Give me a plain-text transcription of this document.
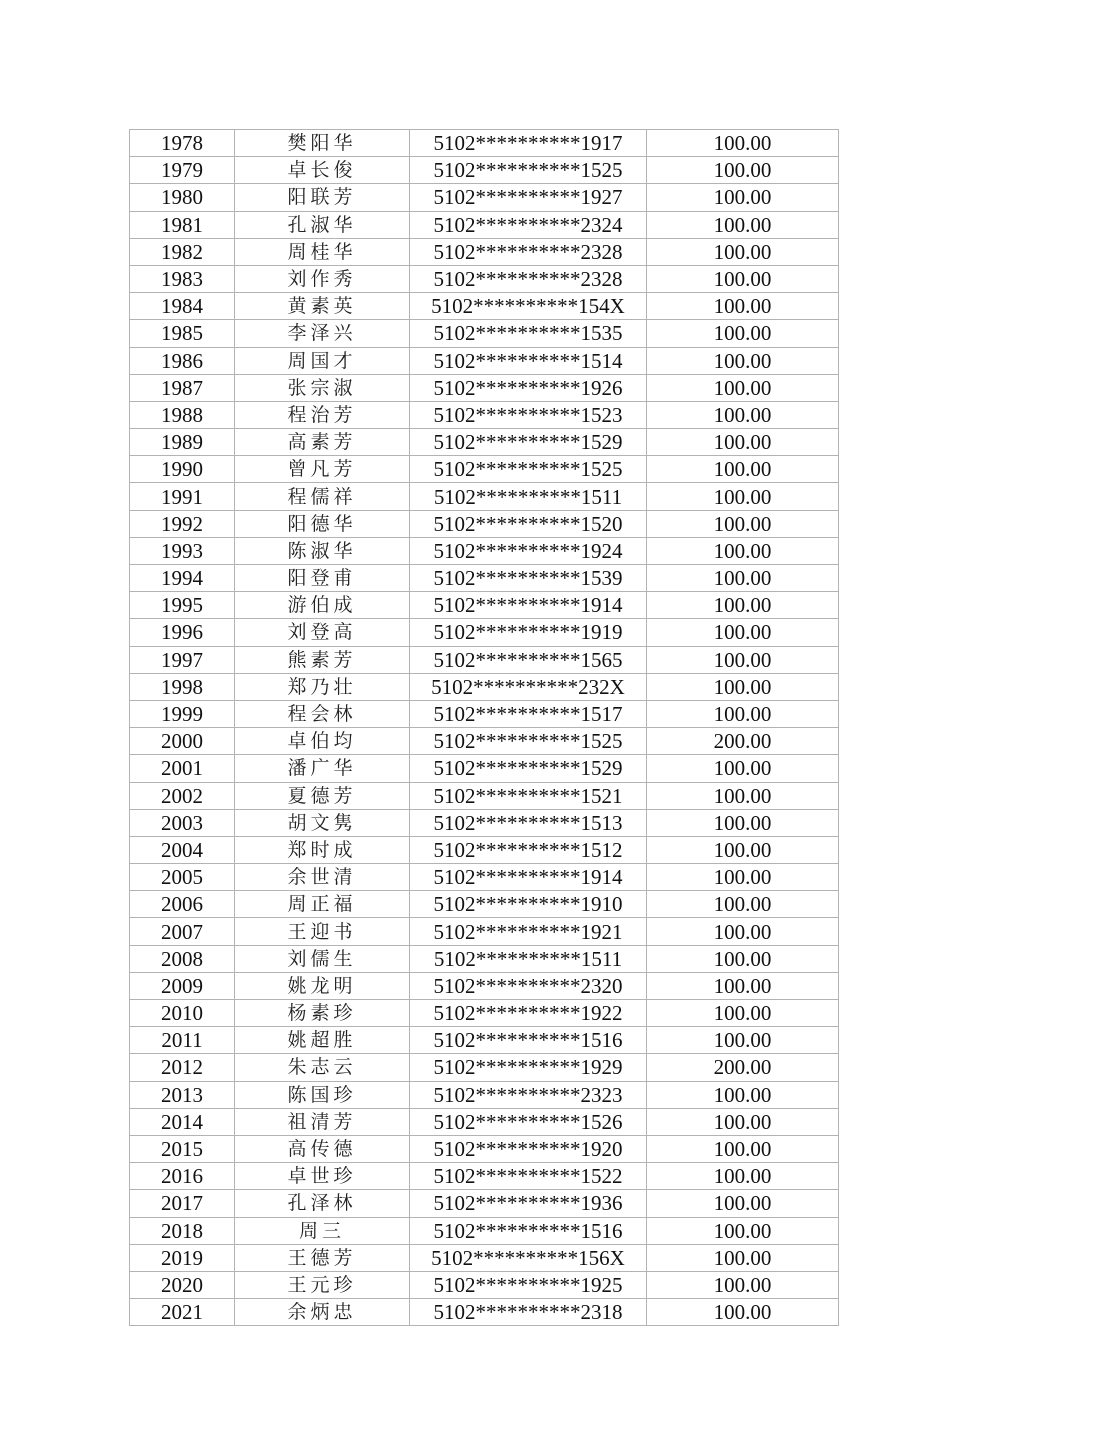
1978	樊阳华	5102**********1917	100.00
1979	卓长俊	5102**********1525	100.00
1980	阳联芳	5102**********1927	100.00
1981	孔淑华	5102**********2324	100.00
1982	周桂华	5102**********2328	100.00
1983	刘作秀	5102**********2328	100.00
1984	黄素英	5102**********154X	100.00
1985	李泽兴	5102**********1535	100.00
1986	周国才	5102**********1514	100.00
1987	张宗淑	5102**********1926	100.00
1988	程治芳	5102**********1523	100.00
1989	高素芳	5102**********1529	100.00
1990	曾凡芳	5102**********1525	100.00
1991	程儒祥	5102**********1511	100.00
1992	阳德华	5102**********1520	100.00
1993	陈淑华	5102**********1924	100.00
1994	阳登甫	5102**********1539	100.00
1995	游伯成	5102**********1914	100.00
1996	刘登高	5102**********1919	100.00
1997	熊素芳	5102**********1565	100.00
1998	郑乃壮	5102**********232X	100.00
1999	程会林	5102**********1517	100.00
2000	卓伯均	5102**********1525	200.00
2001	潘广华	5102**********1529	100.00
2002	夏德芳	5102**********1521	100.00
2003	胡文隽	5102**********1513	100.00
2004	郑时成	5102**********1512	100.00
2005	余世清	5102**********1914	100.00
2006	周正福	5102**********1910	100.00
2007	王迎书	5102**********1921	100.00
2008	刘儒生	5102**********1511	100.00
2009	姚龙明	5102**********2320	100.00
2010	杨素珍	5102**********1922	100.00
2011	姚超胜	5102**********1516	100.00
2012	朱志云	5102**********1929	200.00
2013	陈国珍	5102**********2323	100.00
2014	祖清芳	5102**********1526	100.00
2015	高传德	5102**********1920	100.00
2016	卓世珍	5102**********1522	100.00
2017	孔泽林	5102**********1936	100.00
2018	周三	5102**********1516	100.00
2019	王德芳	5102**********156X	100.00
2020	王元珍	5102**********1925	100.00
2021	余炳忠	5102**********2318	100.00
